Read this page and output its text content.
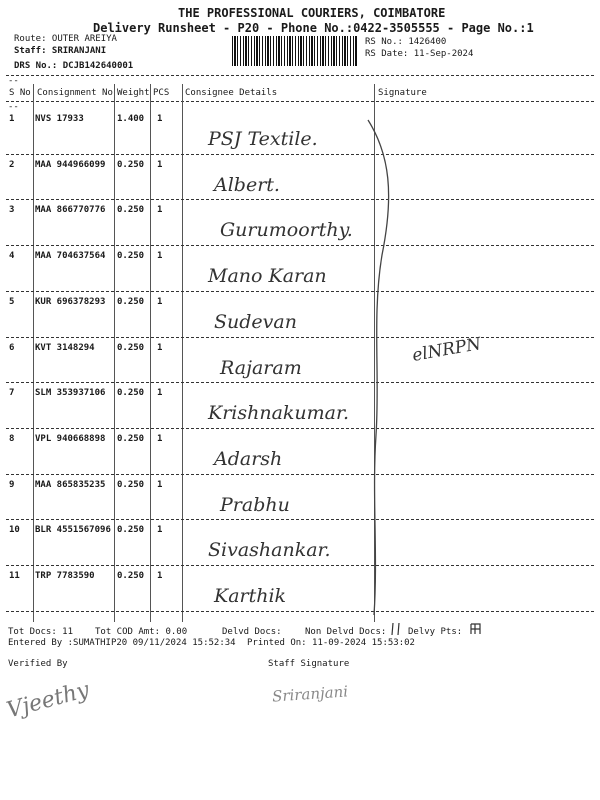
THE PROFESSIONAL COURIERS, COIMBATORE
Delivery Runsheet - P20 - Phone No.:0422-3505555 - Page No.:1
Route: OUTER AREIYA
Staff: SRIRANJANI
DRS No.: DCJB142640001
RS No.: 1426400
RS Date: 11-Sep-2024
--
--
S No Consignment No Weight PCS Consignee Details	Signature
1 NVS 17933	1.400 1
PSJ Textile.
2 MAA 944966099 0.250 1
Albert.
3 MAA 866770776 0.250 1
Gurumoorthy.
4 MAA 704637564 0.250 1
Mano Karan
5 KUR 696378293 0.250 1
Sudevan
6 KVT 3148294 0.250 1
Rajaram
7 SLM 353937106 0.250 1
Krishnakumar.
8 VPL 940668898 0.250 1
Adarsh
9 MAA 865835235 0.250 1
Prabhu
10 BLR 4551567096 0.250 1
Sivashankar.
11 TRP 7783590 0.250 1
Karthik
elNRPN
Tot Docs: 11 Tot COD Amt: 0.00	Delvd Docs:	Non Delvd Docs: Delvy Pts:
Entered By :SUMATHIP20 09/11/2024 15:52:34 Printed On: 11-09-2024 15:53:02
Verified By	Staff Signature
Vjeethy	Sriranjani
